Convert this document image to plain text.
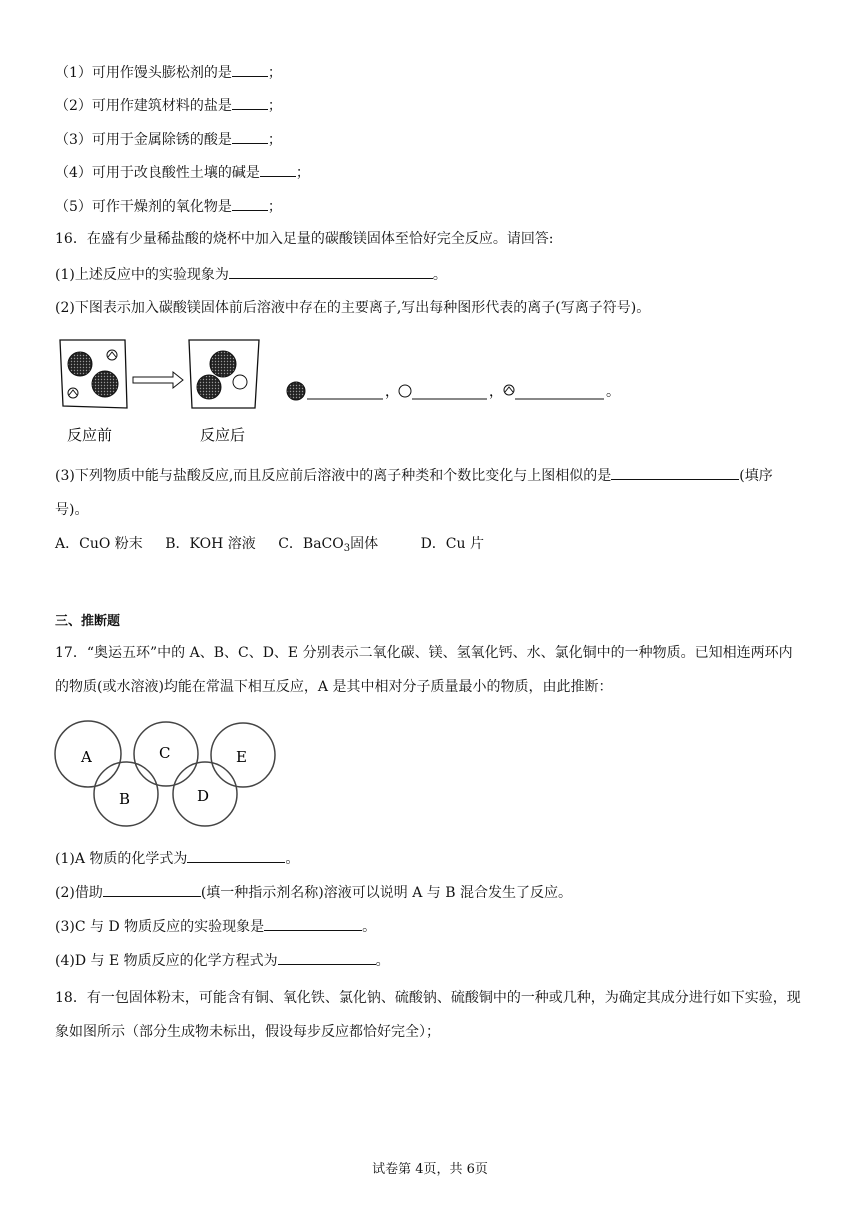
（1）可用作馒头膨松剂的是	；
（2）可用作建筑材料的盐是	；
（3）可用于金属除锈的酸是	；
（4）可用于改良酸性土壤的碱是	；
（5）可作干燥剂的氧化物是	；
16．在盛有少量稀盐酸的烧杯中加入足量的碳酸镁固体至恰好完全反应。请回答:
(1)上述反应中的实验现象为	。
(2)下图表示加入碳酸镁固体前后溶液中存在的主要离子,写出每种图形代表的离子(写离子符号)。
，	，	。
反应前	反应后
(3)下列物质中能与盐酸反应,而且反应前后溶液中的离子种类和个数比变化与上图相似的是	(填序号)。
A．CuO 粉末 B．KOH 溶液 C．BaCO$_3$固体	D．Cu 片
三、推断题
17．“奥运五环”中的 A、B、C、D、E 分别表示二氧化碳、镁、氢氧化钙、水、氯化铜中的一种物质。已知相连两环内的物质(或水溶液)均能在常温下相互反应，A 是其中相对分子质量最小的物质，由此推断：
A	C	E
B	D
(1)A 物质的化学式为	。
(2)借助	(填一种指示剂名称)溶液可以说明 A 与 B 混合发生了反应。
(3)C 与 D 物质反应的实验现象是	。
(4)D 与 E 物质反应的化学方程式为	。
18．有一包固体粉末，可能含有铜、氧化铁、氯化钠、硫酸钠、硫酸铜中的一种或几种，为确定其成分进行如下实验，现象如图所示（部分生成物未标出，假设每步反应都恰好完全）；
试卷第 4页，共 6页
